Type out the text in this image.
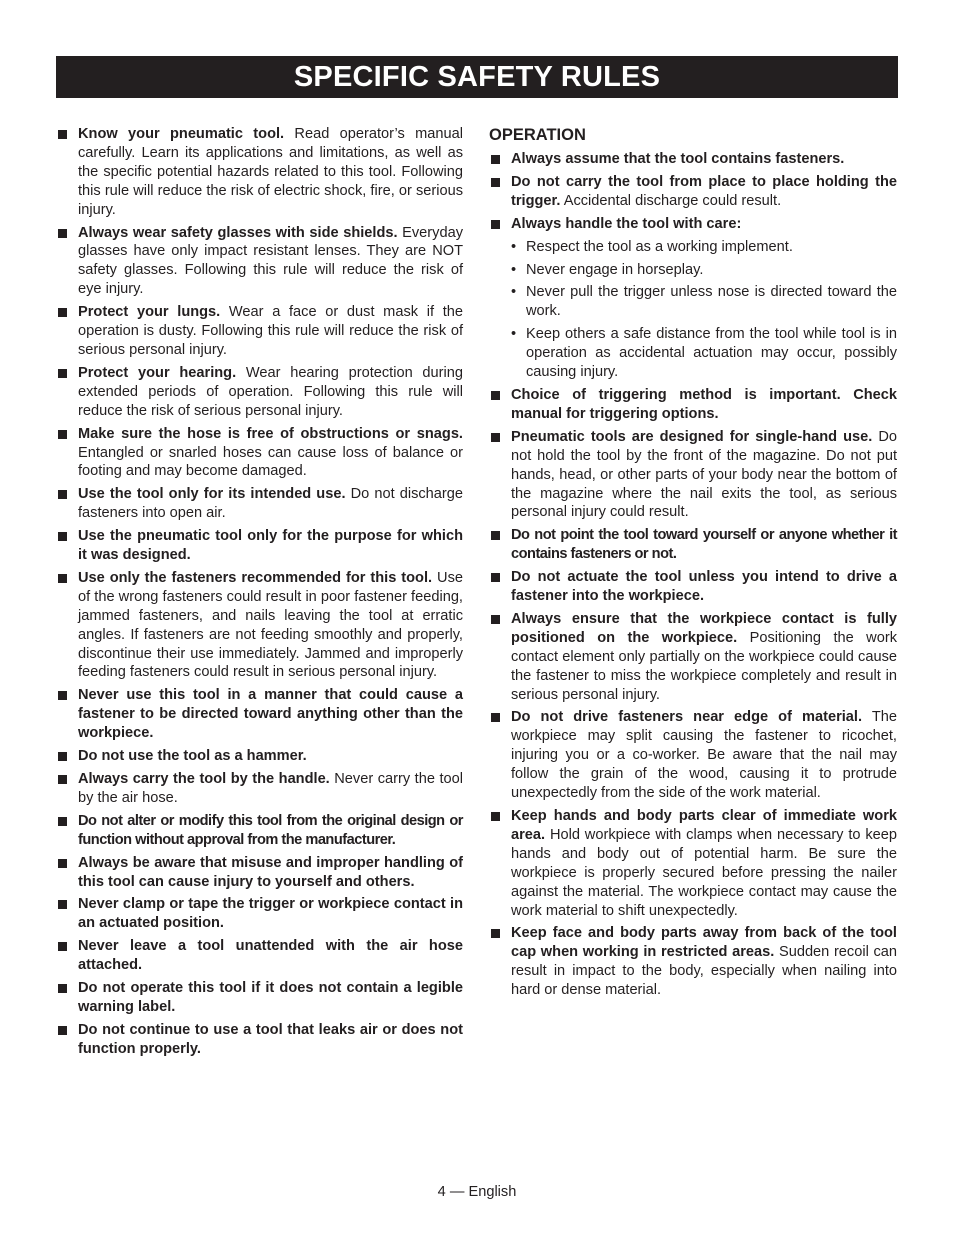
SPECIFIC SAFETY RULES
Know your pneumatic tool. Read operator’s manual carefully. Learn its applications and limitations, as well as the specific potential hazards related to this tool. Following this rule will reduce the risk of electric shock, fire, or serious injury.
Always wear safety glasses with side shields. Everyday glasses have only impact resistant lenses. They are NOT safety glasses. Following this rule will reduce the risk of eye injury.
Protect your lungs. Wear a face or dust mask if the operation is dusty. Following this rule will reduce the risk of serious personal injury.
Protect your hearing. Wear hearing protection during extended periods of operation. Following this rule will reduce the risk of serious personal injury.
Make sure the hose is free of obstructions or snags. Entangled or snarled hoses can cause loss of balance or footing and may become damaged.
Use the tool only for its intended use. Do not discharge fasteners into open air.
Use the pneumatic tool only for the purpose for which it was designed.
Use only the fasteners recommended for this tool. Use of the wrong fasteners could result in poor fastener feeding, jammed fasteners, and nails leaving the tool at erratic angles. If fasteners are not feeding smoothly and properly, discontinue their use immediately. Jammed and improperly feeding fasteners could result in serious personal injury.
Never use this tool in a manner that could cause a fastener to be directed toward anything other than the workpiece.
Do not use the tool as a hammer.
Always carry the tool by the handle. Never carry the tool by the air hose.
Do not alter or modify this tool from the original design or function without approval from the manufacturer.
Always be aware that misuse and improper handling of this tool can cause injury to yourself and others.
Never clamp or tape the trigger or workpiece contact in an actuated position.
Never leave a tool unattended with the air hose attached.
Do not operate this tool if it does not contain a legible warning label.
Do not continue to use a tool that leaks air or does not function properly.
OPERATION
Always assume that the tool contains fasteners.
Do not carry the tool from place to place holding the trigger. Accidental discharge could result.
Always handle the tool with care:
• Respect the tool as a working implement.
• Never engage in horseplay.
• Never pull the trigger unless nose is directed toward the work.
• Keep others a safe distance from the tool while tool is in operation as accidental actuation may occur, possibly causing injury.
Choice of triggering method is important. Check manual for triggering options.
Pneumatic tools are designed for single-hand use. Do not hold the tool by the front of the magazine. Do not put hands, head, or other parts of your body near the bottom of the magazine where the nail exits the tool, as serious personal injury could result.
Do not point the tool toward yourself or anyone whether it contains fasteners or not.
Do not actuate the tool unless you intend to drive a fastener into the workpiece.
Always ensure that the workpiece contact is fully positioned on the workpiece. Positioning the work contact element only partially on the workpiece could cause the fastener to miss the workpiece completely and result in serious personal injury.
Do not drive fasteners near edge of material. The workpiece may split causing the fastener to ricochet, injuring you or a co-worker. Be aware that the nail may follow the grain of the wood, causing it to protrude unexpectedly from the side of the work material.
Keep hands and body parts clear of immediate work area. Hold workpiece with clamps when necessary to keep hands and body out of potential harm. Be sure the workpiece is properly secured before pressing the nailer against the material. The workpiece contact may cause the work material to shift unexpectedly.
Keep face and body parts away from back of the tool cap when working in restricted areas. Sudden recoil can result in impact to the body, especially when nailing into hard or dense material.
4 — English
